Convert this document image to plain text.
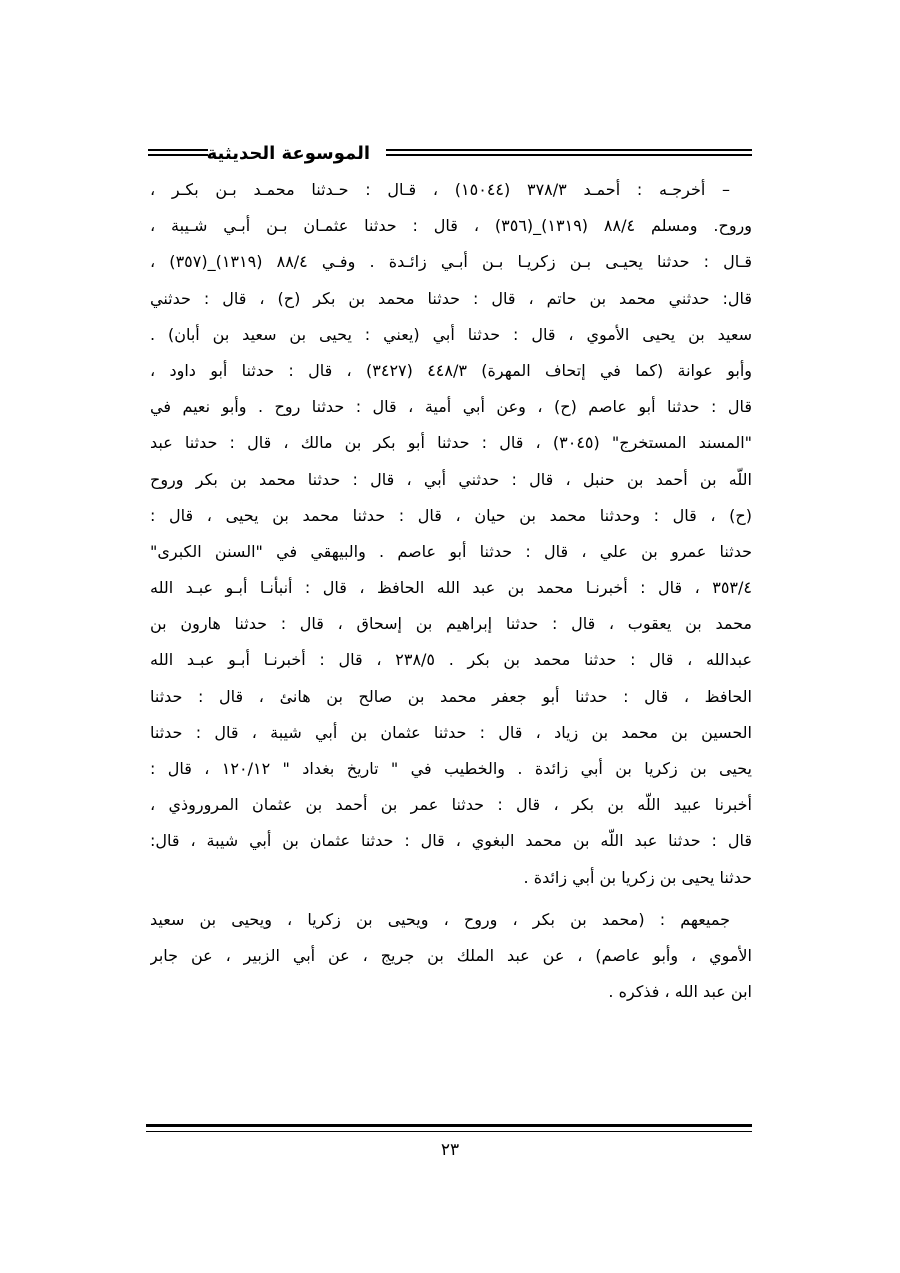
الموسوعة الحديثية
– أخرجـه : أحمـد ٣٧٨/٣ (١٥٠٤٤) ، قـال : حـدثنا محمـد بـن بكـر ،
وروح. ومسلم ٨٨/٤ (١٣١٩)_(٣٥٦) ، قال : حدثنا عثمـان بـن أبـي شـيبة ،
قـال : حدثنا يحيـى بـن زكريـا بـن أبـي زائـدة . وفـي ٨٨/٤ (١٣١٩)_(٣٥٧) ،
قال: حدثني محمد بن حاتم ، قال : حدثنا محمد بن بكر (ح) ، قال : حدثني
سعيد بن يحيى الأموي ، قال : حدثنا أبي (يعني : يحيى بن سعيد بن أبان) .
وأبو عوانة (كما في إتحاف المهرة) ٤٤٨/٣ (٣٤٢٧) ، قال : حدثنا أبو داود ،
قال : حدثنا أبو عاصم (ح) ، وعن أبي أمية ، قال : حدثنا روح . وأبو نعيم في
"المسند المستخرج" (٣٠٤٥) ، قال : حدثنا أبو بكر بن مالك ، قال : حدثنا عبد
اللّه بن أحمد بن حنبل ، قال : حدثني أبي ، قال : حدثنا محمد بن بكر وروح
(ح) ، قال : وحدثنا محمد بن حيان ، قال : حدثنا محمد بن يحيى ، قال :
حدثنا عمرو بن علي ، قال : حدثنا أبو عاصم . والبيهقي في "السنن الكبرى"
٣٥٣/٤ ، قال : أخبرنـا محمد بن عبد الله الحافظ ، قال : أنبأنـا أبـو عبـد الله
محمد بن يعقوب ، قال : حدثنا إبراهيم بن إسحاق ، قال : حدثنا هارون بن
عبدالله ، قال : حدثنا محمد بن بكر . ٢٣٨/٥ ، قال : أخبرنـا أبـو عبـد الله
الحافظ ، قال : حدثنا أبو جعفر محمد بن صالح بن هانئ ، قال : حدثنا
الحسين بن محمد بن زياد ، قال : حدثنا عثمان بن أبي شيبة ، قال : حدثنا
يحيى بن زكريا بن أبي زائدة . والخطيب في " تاريخ بغداد " ١٢٠/١٢ ، قال :
أخبرنا عبيد اللّه بن بكر ، قال : حدثنا عمر بن أحمد بن عثمان المروروذي ،
قال : حدثنا عبد اللّه بن محمد البغوي ، قال : حدثنا عثمان بن أبي شيبة ، قال:
حدثنا يحيى بن زكريا بن أبي زائدة .
جميعهم : (محمد بن بكر ، وروح ، ويحيى بن زكريا ، ويحيى بن سعيد
الأموي ، وأبو عاصم) ، عن عبد الملك بن جريج ، عن أبي الزبير ، عن جابر
ابن عبد الله ، فذكره .
٢٣
